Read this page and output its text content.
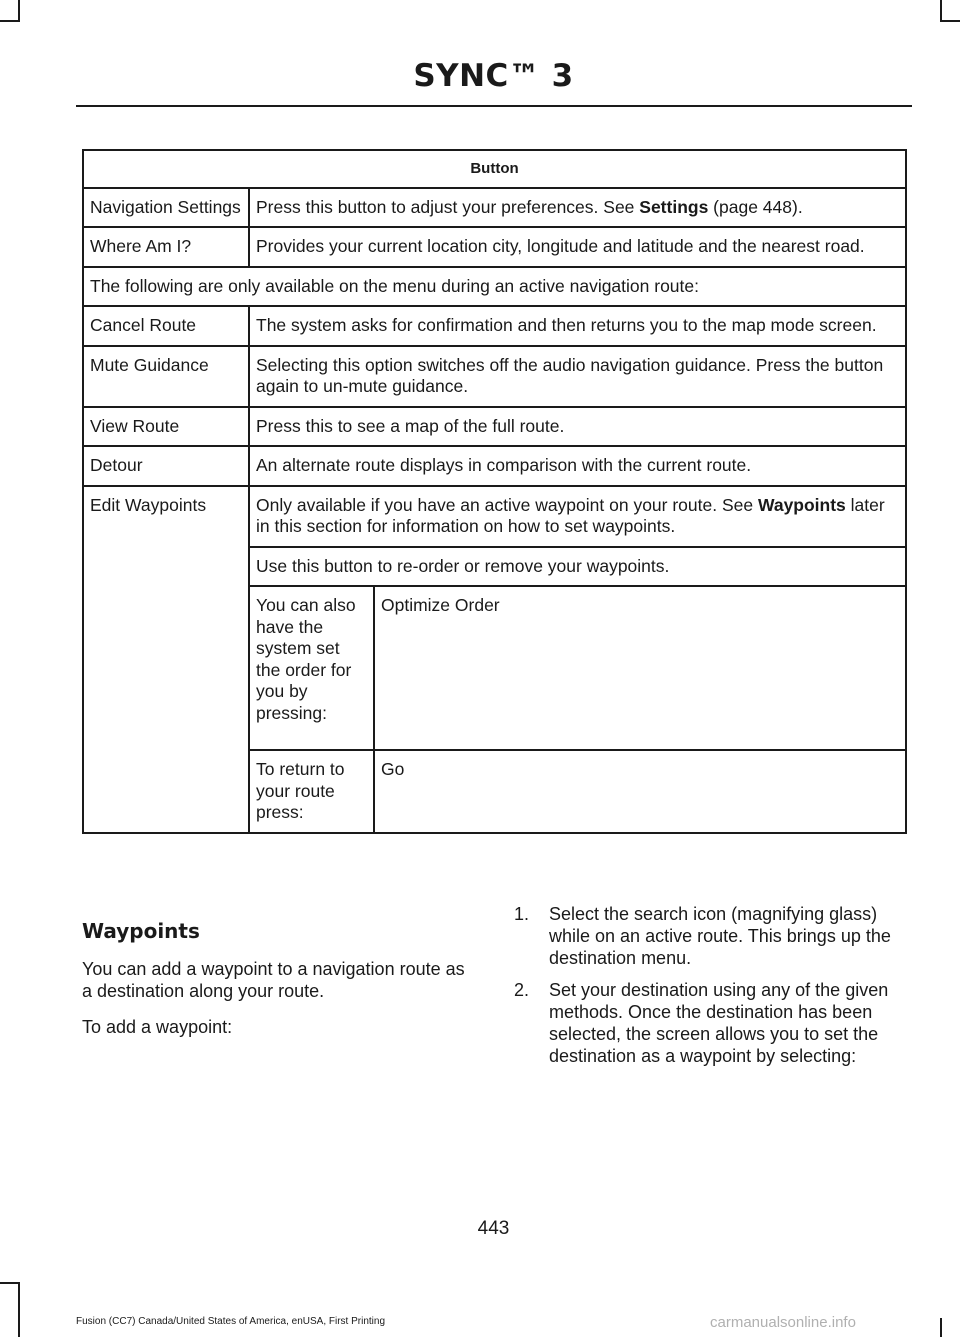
SYNC™ 3
Button		
Navigation Settings	Press this button to adjust your preferences. See Settings (page 448).	
Where Am I?	Provides your current location city, longitude and latitude and the nearest road.	
The following are only available on the menu during an active navigation route:		
Cancel Route	The system asks for confirmation and then returns you to the map mode screen.	
Mute Guidance	Selecting this option switches off the audio navigation guidance. Press the button again to un-mute guidance.	
View Route	Press this to see a map of the full route.	
Detour	An alternate route displays in comparison with the current route.	
Edit Waypoints	Only available if you have an active waypoint on your route. See Waypoints later in this section for information on how to set waypoints.	
	Use this button to re-order or remove your waypoints.	
	You can also have the system set the order for you by pressing:	Optimize Order
	To return to your route press:	Go
Waypoints
You can add a waypoint to a navigation route as a destination along your route.
To add a waypoint:
1. Select the search icon (magnifying glass) while on an active route. This brings up the destination menu.
2. Set your destination using any of the given methods. Once the destination has been selected, the screen allows you to set the destination as a waypoint by selecting:
443
Fusion (CC7) Canada/United States of America, enUSA, First Printing	carmanualsonline.info
